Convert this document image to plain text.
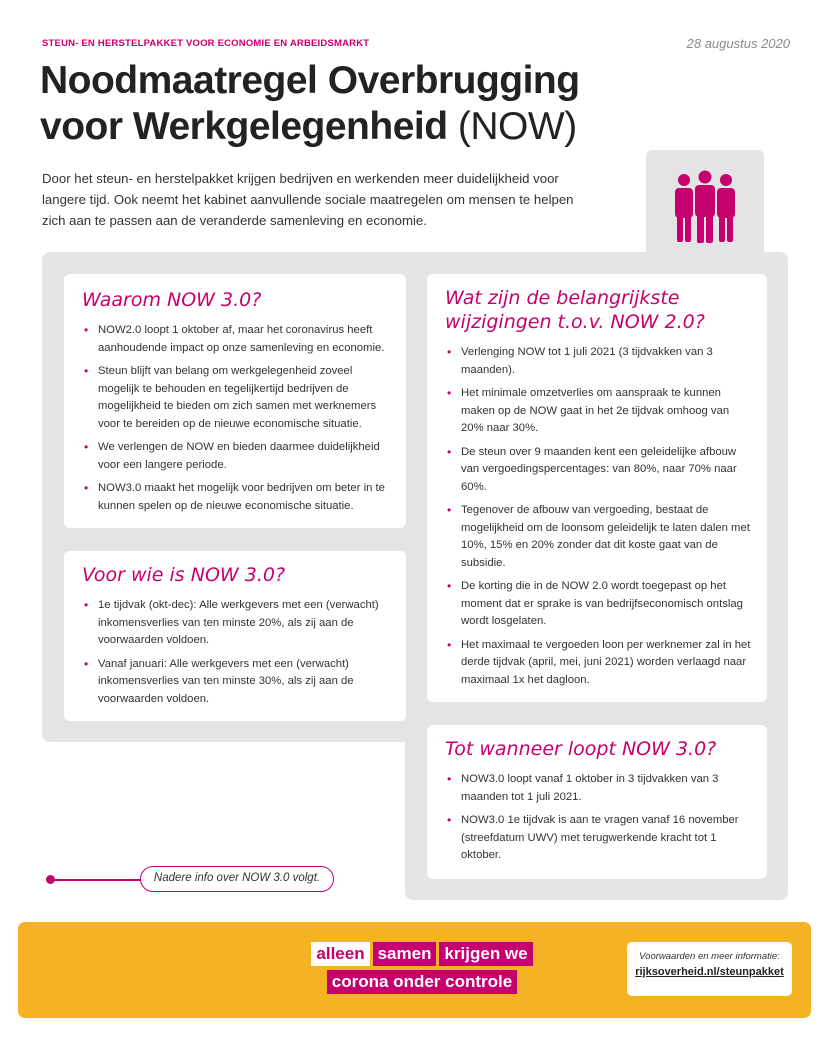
STEUN- EN HERSTELPAKKET VOOR ECONOMIE EN ARBEIDSMARKT	28 augustus 2020
Noodmaatregel Overbrugging voor Werkgelegenheid (NOW)

Door het steun- en herstelpakket krijgen bedrijven en werkenden meer duidelijkheid voor langere tijd. Ook neemt het kabinet aanvullende sociale maatregelen om mensen te helpen zich aan te passen aan de veranderde samenleving en economie.

Waarom NOW 3.0?
• NOW2.0 loopt 1 oktober af, maar het coronavirus heeft aanhoudende impact op onze samenleving en economie.
• Steun blijft van belang om werkgelegenheid zoveel mogelijk te behouden en tegelijkertijd bedrijven de mogelijkheid te bieden om zich samen met werknemers voor te bereiden op de nieuwe economische situatie.
• We verlengen de NOW en bieden daarmee duidelijkheid voor een langere periode.
• NOW3.0 maakt het mogelijk voor bedrijven om beter in te kunnen spelen op de nieuwe economische situatie.
Voor wie is NOW 3.0?
• 1e tijdvak (okt-dec): Alle werkgevers met een (verwacht) inkomensverlies van ten minste 20%, als zij aan de voorwaarden voldoen.
• Vanaf januari: Alle werkgevers met een (verwacht) inkomensverlies van ten minste 30%, als zij aan de voorwaarden voldoen.
Wat zijn de belangrijkste wijzigingen t.o.v. NOW 2.0?
• Verlenging NOW tot 1 juli 2021 (3 tijdvakken van 3 maanden).
• Het minimale omzetverlies om aanspraak te kunnen maken op de NOW gaat in het 2e tijdvak omhoog van 20% naar 30%.
• De steun over 9 maanden kent een geleidelijke afbouw van vergoedingspercentages: van 80%, naar 70% naar 60%.
• Tegenover de afbouw van vergoeding, bestaat de mogelijkheid om de loonsom geleidelijk te laten dalen met 10%, 15% en 20% zonder dat dit koste gaat van de subsidie.
• De korting die in de NOW 2.0 wordt toegepast op het moment dat er sprake is van bedrijfseconomisch ontslag wordt losgelaten.
• Het maximaal te vergoeden loon per werknemer zal in het derde tijdvak (april, mei, juni 2021) worden verlaagd naar maximaal 1x het dagloon.
Tot wanneer loopt NOW 3.0?
• NOW3.0 loopt vanaf 1 oktober in 3 tijdvakken van 3 maanden tot 1 juli 2021.
• NOW3.0 1e tijdvak is aan te vragen vanaf 16 november (streefdatum UWV) met terugwerkende kracht tot 1 oktober.
Nadere info over NOW 3.0 volgt.
alleen samen krijgen we
corona onder controle
Voorwaarden en meer informatie:
rijksoverheid.nl/steunpakket
